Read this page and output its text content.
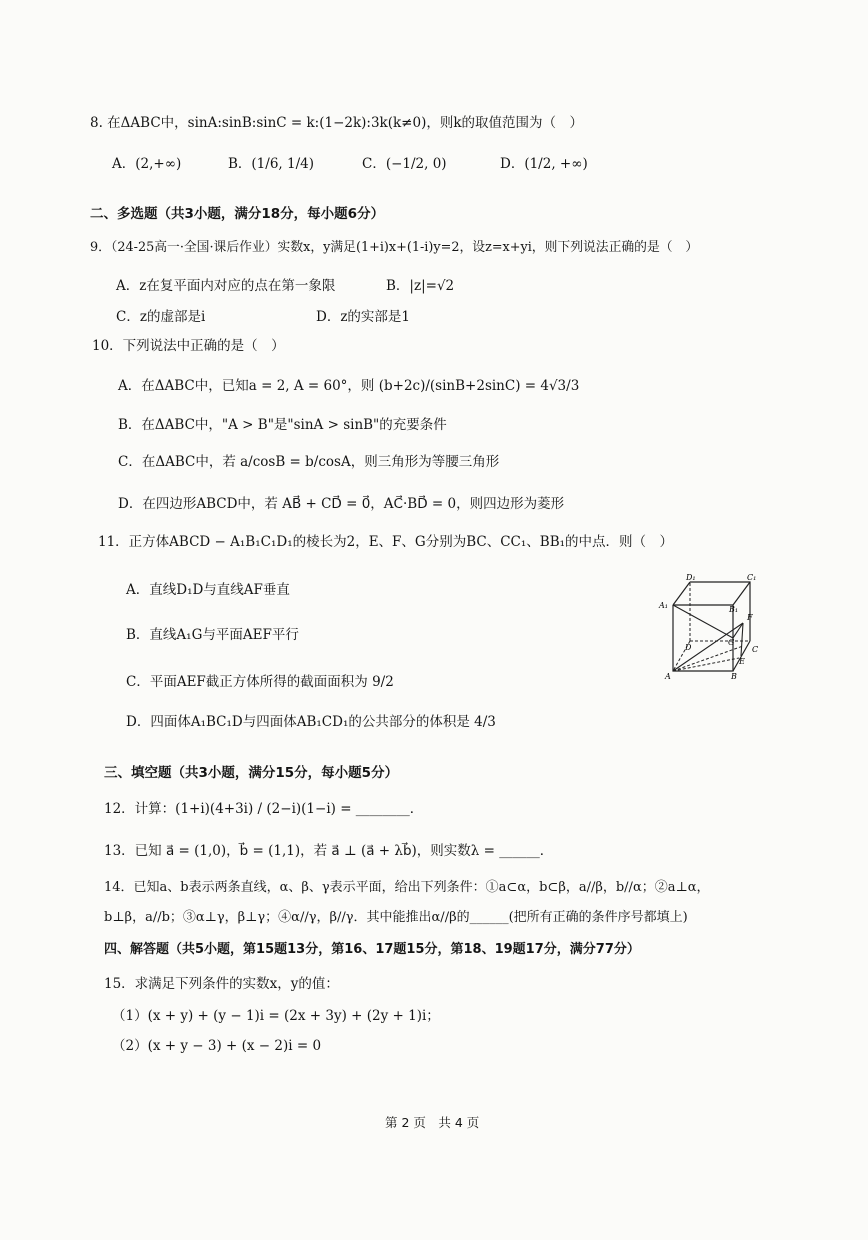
8. 在ΔABC中，sinA:sinB:sinC = k:(1−2k):3k(k≠0)，则k的取值范围为（　）
A．(2,+∞)	B．(1/6, 1/4)	C．(−1/2, 0)	D．(1/2, +∞)
二、多选题（共3小题，满分18分，每小题6分）
9．（24-25高一·全国·课后作业）实数x，y满足(1+i)x+(1-i)y=2，设z=x+yi，则下列说法正确的是（　）
A．z在复平面内对应的点在第一象限	B．|z|=√2
C．z的虚部是i	D．z的实部是1
10．下列说法中正确的是（　）
A．在ΔABC中，已知a = 2, A = 60°，则 (b+2c)/(sinB+2sinC) = 4√3/3
B．在ΔABC中，"A > B"是"sinA > sinB"的充要条件
C．在ΔABC中，若 a/cosB = b/cosA，则三角形为等腰三角形
D．在四边形ABCD中，若 AB⃗ + CD⃗ = 0⃗，AC⃗·BD⃗ = 0，则四边形为菱形
11．正方体ABCD − A₁B₁C₁D₁的棱长为2，E、F、G分别为BC、CC₁、BB₁的中点．则（　）
A．直线D₁D与直线AF垂直
B．直线A₁G与平面AEF平行
C．平面AEF截正方体所得的截面面积为 9/2
D．四面体A₁BC₁D与四面体AB₁CD₁的公共部分的体积是 4/3
D₁	C₁
A₁	B₁
F
G
D	C
E
A	B
三、填空题（共3小题，满分15分，每小题5分）
12．计算：(1+i)(4+3i) / (2−i)(1−i) = ________．
13．已知 a⃗ = (1,0)，b⃗ = (1,1)，若 a⃗ ⊥ (a⃗ + λb⃗)，则实数λ = ______．
14．已知a、b表示两条直线，α、β、γ表示平面，给出下列条件：①a⊂α，b⊂β，a//β，b//α；②a⊥α，
b⊥β，a//b；③α⊥γ，β⊥γ；④α//γ，β//γ．其中能推出α//β的______(把所有正确的条件序号都填上)
四、解答题（共5小题，第15题13分，第16、17题15分，第18、19题17分，满分77分）
15．求满足下列条件的实数x，y的值：
（1）(x + y) + (y − 1)i = (2x + 3y) + (2y + 1)i；
（2）(x + y − 3) + (x − 2)i = 0
第 2 页　共 4 页
